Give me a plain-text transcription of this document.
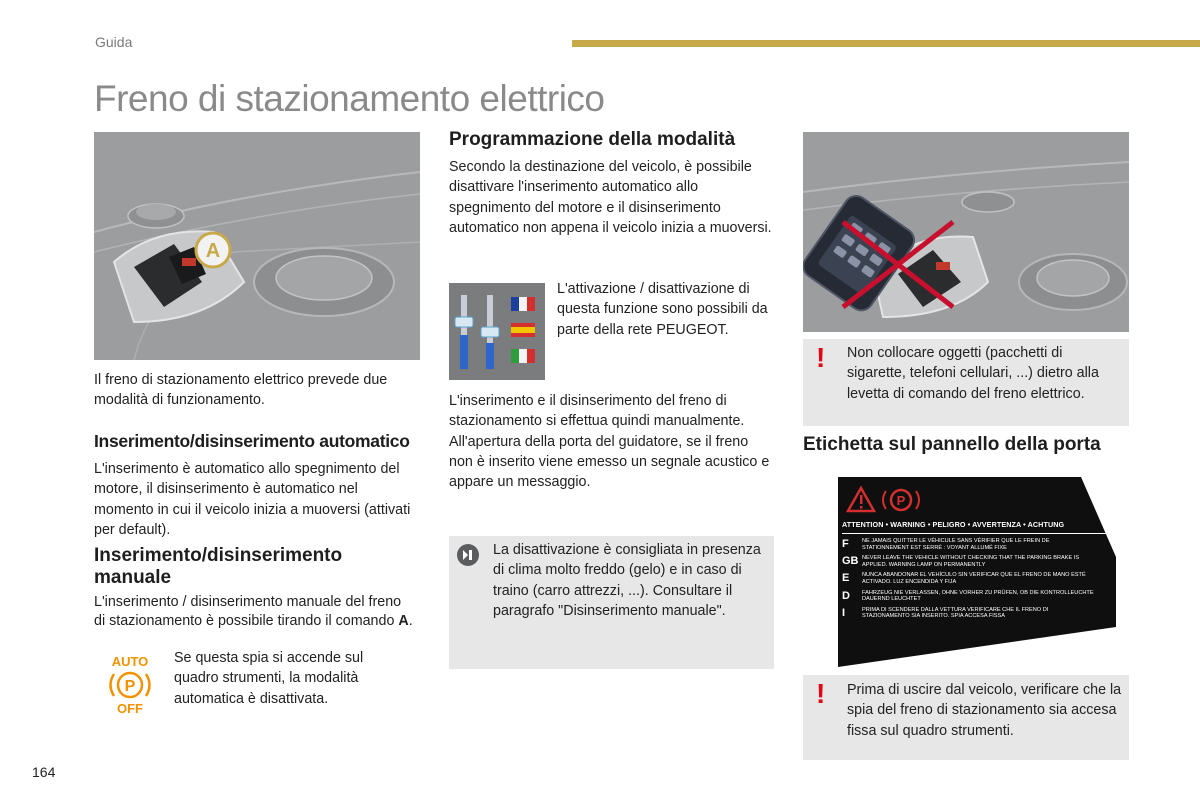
Guida
Freno di stazionamento elettrico
A

Il freno di stazionamento elettrico prevede due modalità di funzionamento.

Inserimento/disinserimento automatico

L'inserimento è automatico allo spegnimento del motore, il disinserimento è automatico nel momento in cui il veicolo inizia a muoversi (attivati per default).

Inserimento/disinserimento manuale

L'inserimento / disinserimento manuale del freno di stazionamento è possibile tirando il comando A.

AUTO
P
OFF

Se questa spia si accende sul quadro strumenti, la modalità automatica è disattivata.

164
Programmazione della modalità

Secondo la destinazione del veicolo, è possibile disattivare l'inserimento automatico allo spegnimento del motore e il disinserimento automatico non appena il veicolo inizia a muoversi.

L'attivazione / disattivazione di questa funzione sono possibili da parte della rete PEUGEOT.

L'inserimento e il disinserimento del freno di stazionamento si effettua quindi manualmente. All'apertura della porta del guidatore, se il freno non è inserito viene emesso un segnale acustico e appare un messaggio.

La disattivazione è consigliata in presenza di clima molto freddo (gelo) e in caso di traino (carro attrezzi, ...). Consultare il paragrafo "Disinserimento manuale".

! Non collocare oggetti (pacchetti di sigarette, telefoni cellulari, ...) dietro alla levetta di comando del freno elettrico.

Etichetta sul pannello della porta
P
ATTENTION • WARNING • PELIGRO • AVVERTENZA • ACHTUNG
F	NE JAMAIS QUITTER LE VÉHICULE SANS VÉRIFIER QUE LE FREIN DE STATIONNEMENT EST SERRÉ : VOYANT ALLUMÉ FIXE
GB NEVER LEAVE THE VEHICLE WITHOUT CHECKING THAT THE PARKING BRAKE IS APPLIED. WARNING LAMP ON PERMANENTLY
E	NUNCA ABANDONAR EL VEHÍCULO SIN VERIFICAR QUE EL FRENO DE MANO ESTÉ ACTIVADO. LUZ ENCENDIDA Y FIJA
D	FAHRZEUG NIE VERLASSEN, OHNE VORHER ZU PRÜFEN, OB DIE KONTROLLEUCHTE DAUERND LEUCHTET
I	PRIMA DI SCENDERE DALLA VETTURA VERIFICARE CHE IL FRENO DI STAZIONAMENTO SIA INSERITO. SPIA ACCESA FISSA
! Prima di uscire dal veicolo, verificare che la spia del freno di stazionamento sia accesa fissa sul quadro strumenti.
